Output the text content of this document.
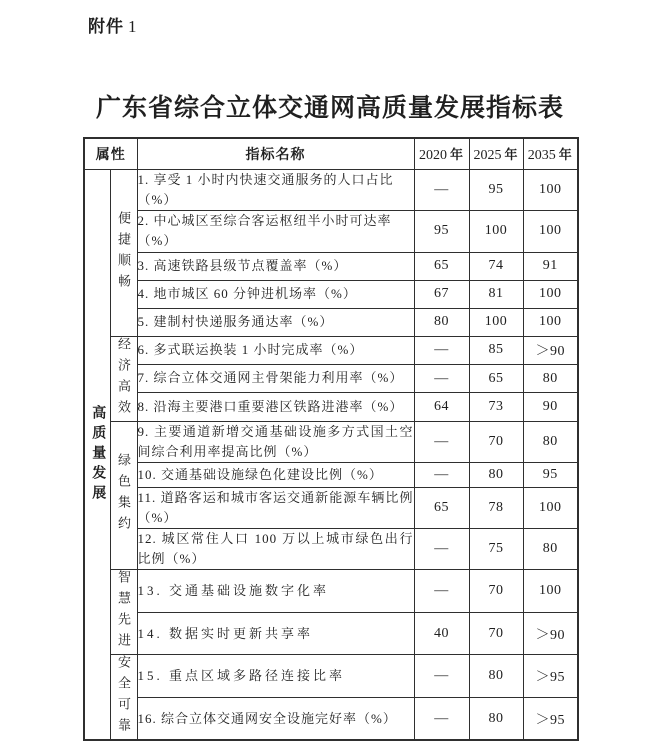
附件 1
广东省综合立体交通网高质量发展指标表
属性		指标名称	2020 年	2025 年	2035 年

高质量发展	便捷顺畅	1. 享受 1 小时内快速交通服务的人口占比（%）	—	95	100
		2. 中心城区至综合客运枢纽半小时可达率（%）	95	100	100
		3. 高速铁路县级节点覆盖率（%）	65	74	91
		4. 地市城区 60 分钟进机场率（%）	67	81	100
		5. 建制村快递服务通达率（%）	80	100	100

	经济高效	6. 多式联运换装 1 小时完成率（%）	—	85	＞90
		7. 综合立体交通网主骨架能力利用率（%）	—	65	80
		8. 沿海主要港口重要港区铁路进港率（%）	64	73	90

	绿色集约	9. 主要通道新增交通基础设施多方式国土空间综合利用率提高比例（%）	—	70	80
		10. 交通基础设施绿色化建设比例（%）	—	80	95
		11. 道路客运和城市客运交通新能源车辆比例（%）	65	78	100
		12. 城区常住人口 100 万以上城市绿色出行比例（%）	—	75	80

	智慧先进	13. 交通基础设施数字化率	—	70	100
		14. 数据实时更新共享率	40	70	＞90

	安全可靠	15. 重点区域多路径连接比率	—	80	＞95
		16. 综合立体交通网安全设施完好率（%）	—	80	＞95
